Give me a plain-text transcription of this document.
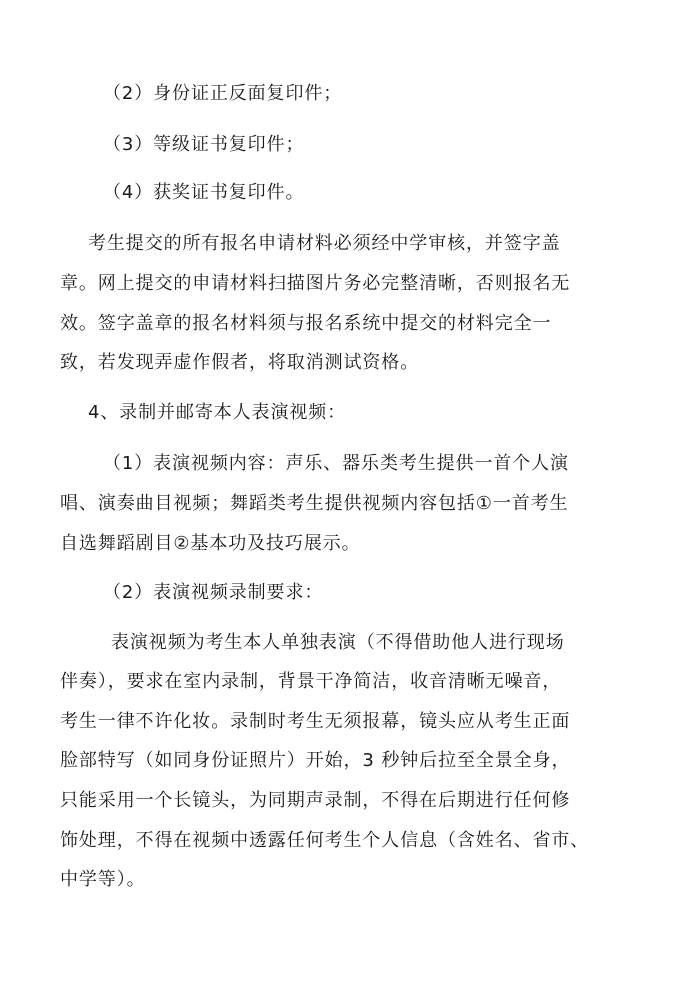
（2）身份证正反面复印件；
（3）等级证书复印件；
（4）获奖证书复印件。
考生提交的所有报名申请材料必须经中学审核，并签字盖
章。网上提交的申请材料扫描图片务必完整清晰，否则报名无
效。签字盖章的报名材料须与报名系统中提交的材料完全一
致，若发现弄虚作假者，将取消测试资格。
4、录制并邮寄本人表演视频：
（1）表演视频内容：声乐、器乐类考生提供一首个人演
唱、演奏曲目视频；舞蹈类考生提供视频内容包括①一首考生
自选舞蹈剧目②基本功及技巧展示。
（2）表演视频录制要求：
表演视频为考生本人单独表演（不得借助他人进行现场
伴奏），要求在室内录制，背景干净简洁，收音清晰无噪音，
考生一律不许化妆。录制时考生无须报幕，镜头应从考生正面
脸部特写（如同身份证照片）开始，3 秒钟后拉至全景全身，
只能采用一个长镜头，为同期声录制，不得在后期进行任何修
饰处理，不得在视频中透露任何考生个人信息（含姓名、省市、
中学等）。
